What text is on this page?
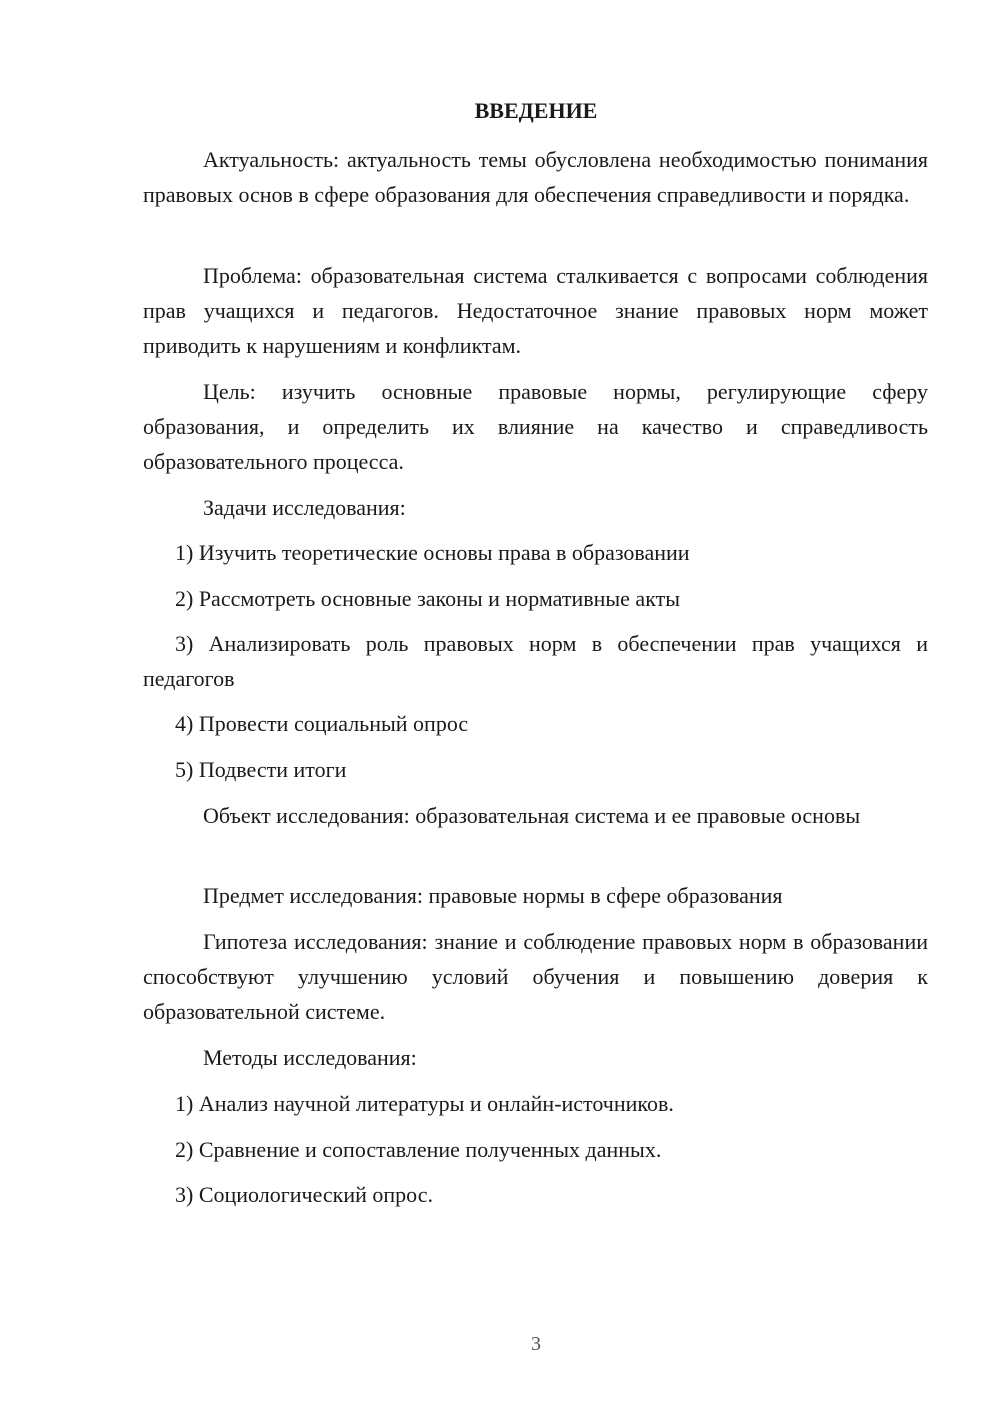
ВВЕДЕНИЕ

Актуальность: актуальность темы обусловлена необходимостью понимания правовых основ в сфере образования для обеспечения справедливости и порядка.

Проблема: образовательная система сталкивается с вопросами соблюдения прав учащихся и педагогов. Недостаточное знание правовых норм может приводить к нарушениям и конфликтам.

Цель: изучить основные правовые нормы, регулирующие сферу образования, и определить их влияние на качество и справедливость образовательного процесса.

Задачи исследования:

1) Изучить теоретические основы права в образовании

2) Рассмотреть основные законы и нормативные акты

3) Анализировать роль правовых норм в обеспечении прав учащихся и педагогов

4) Провести социальный опрос

5) Подвести итоги

Объект исследования: образовательная система и ее правовые основы

Предмет исследования: правовые нормы в сфере образования

Гипотеза исследования: знание и соблюдение правовых норм в образовании способствуют улучшению условий обучения и повышению доверия к образовательной системе.

Методы исследования:

1) Анализ научной литературы и онлайн-источников.

2) Сравнение и сопоставление полученных данных.

3) Социологический опрос.

3
